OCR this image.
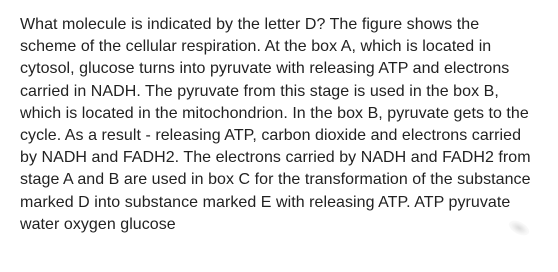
What molecule is indicated by the letter D? The figure shows the scheme of the cellular respiration. At the box A, which is located in cytosol, glucose turns into pyruvate with releasing ATP and electrons carried in NADH. The pyruvate from this stage is used in the box B, which is located in the mitochondrion. In the box B, pyruvate gets to the cycle. As a result - releasing ATP, carbon dioxide and electrons carried by NADH and FADH2. The electrons carried by NADH and FADH2 from stage A and B are used in box C for the transformation of the substance marked D into substance marked E with releasing ATP. ATP pyruvate water oxygen glucose
